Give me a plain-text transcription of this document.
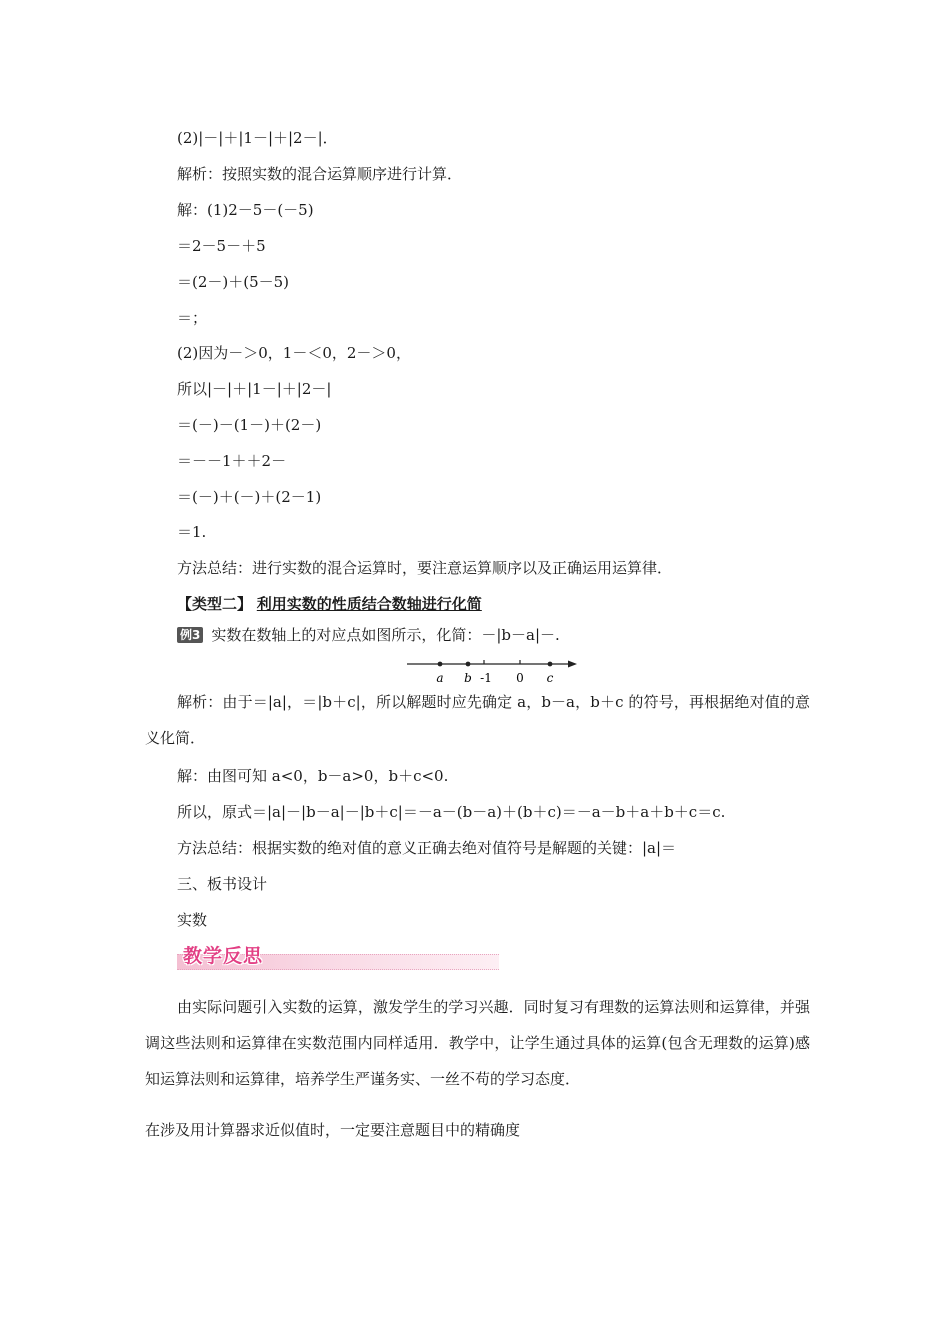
(2)|－|＋|1－|＋|2－|．
解析：按照实数的混合运算顺序进行计算．
解：(1)2－5－(－5)
＝2－5－＋5
＝(2－)＋(5－5)
＝；
(2)因为－＞0，1－＜0，2－＞0，
所以|－|＋|1－|＋|2－|
＝(－)－(1－)＋(2－)
＝－－1＋＋2－
＝(－)＋(－)＋(2－1)
＝1.
方法总结：进行实数的混合运算时，要注意运算顺序以及正确运用运算律．
【类型二】 利用实数的性质结合数轴进行化简
例3 实数在数轴上的对应点如图所示，化简：－|b－a|－.
a b -1 0 c
解析：由于＝|a|，＝|b＋c|，所以解题时应先确定 a，b－a，b＋c 的符号，再根据绝对值的意义化简．
解：由图可知 a<0，b－a>0，b＋c<0.
所以，原式＝|a|－|b－a|－|b＋c|＝－a－(b－a)＋(b＋c)＝－a－b＋a＋b＋c＝c.
方法总结：根据实数的绝对值的意义正确去绝对值符号是解题的关键：|a|＝
三、板书设计
实数
教学反思
由实际问题引入实数的运算，激发学生的学习兴趣．同时复习有理数的运算法则和运算律，并强调这些法则和运算律在实数范围内同样适用．教学中，让学生通过具体的运算(包含无理数的运算)感知运算法则和运算律，培养学生严谨务实、一丝不苟的学习态度．
在涉及用计算器求近似值时，一定要注意题目中的精确度
